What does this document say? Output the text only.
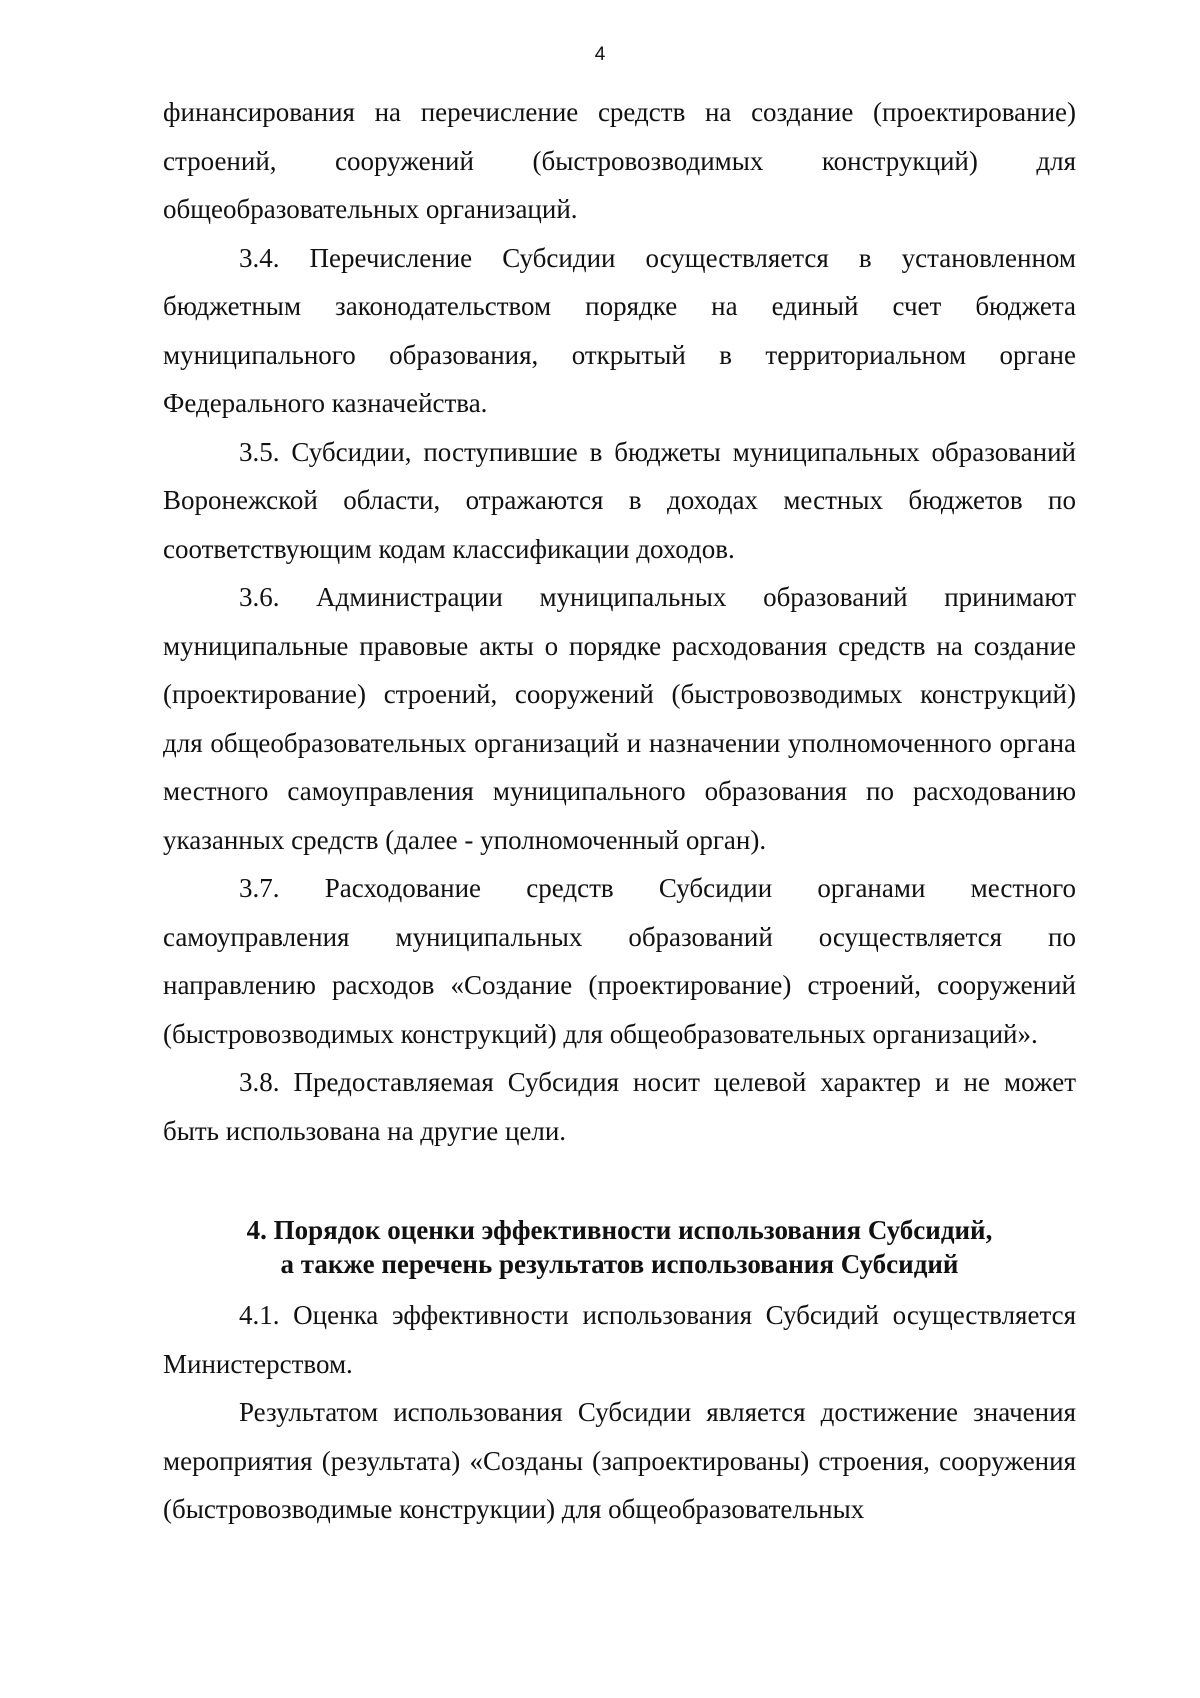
4

финансирования на перечисление средств на создание (проектирование) строений, сооружений (быстровозводимых конструкций) для общеобразовательных организаций.

3.4. Перечисление Субсидии осуществляется в установленном бюджетным законодательством порядке на единый счет бюджета муниципального образования, открытый в территориальном органе Федерального казначейства.

3.5. Субсидии, поступившие в бюджеты муниципальных образований Воронежской области, отражаются в доходах местных бюджетов по соответствующим кодам классификации доходов.

3.6. Администрации муниципальных образований принимают муниципальные правовые акты о порядке расходования средств на создание (проектирование) строений, сооружений (быстровозводимых конструкций) для общеобразовательных организаций и назначении уполномоченного органа местного самоуправления муниципального образования по расходованию указанных средств (далее - уполномоченный орган).

3.7. Расходование средств Субсидии органами местного самоуправления муниципальных образований осуществляется по направлению расходов «Создание (проектирование) строений, сооружений (быстровозводимых конструкций) для общеобразовательных организаций».

3.8. Предоставляемая Субсидия носит целевой характер и не может быть использована на другие цели.

4. Порядок оценки эффективности использования Субсидий,
а также перечень результатов использования Субсидий

4.1. Оценка эффективности использования Субсидий осуществляется Министерством.

Результатом использования Субсидии является достижение значения мероприятия (результата) «Созданы (запроектированы) строения, сооружения (быстровозводимые конструкции) для общеобразовательных
